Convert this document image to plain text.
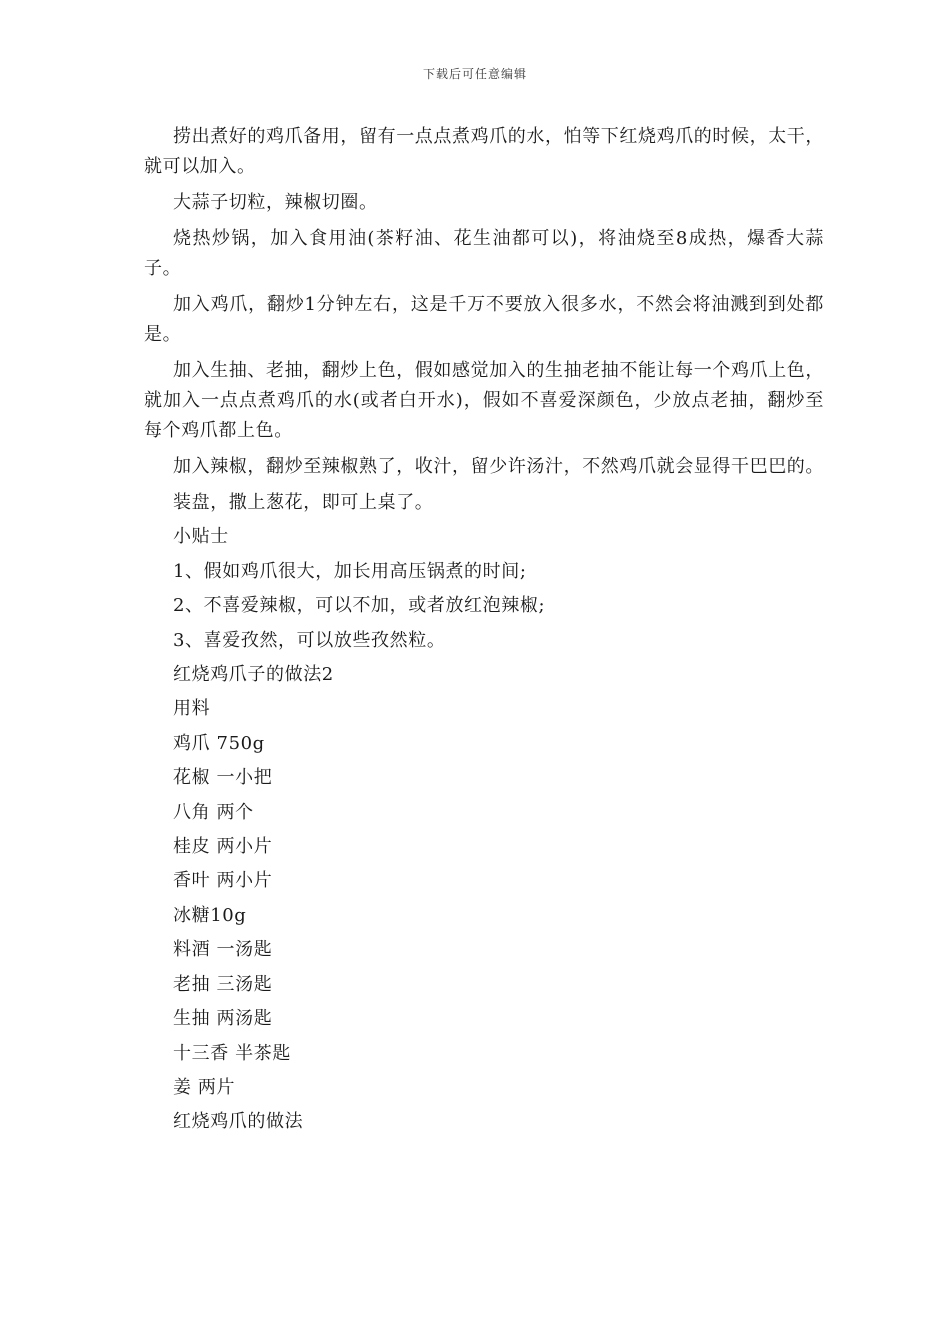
下载后可任意编辑

捞出煮好的鸡爪备用，留有一点点煮鸡爪的水，怕等下红烧鸡爪的时候，太干，就可以加入。

大蒜子切粒，辣椒切圈。

烧热炒锅，加入食用油(茶籽油、花生油都可以)，将油烧至8成热，爆香大蒜子。

加入鸡爪，翻炒1分钟左右，这是千万不要放入很多水，不然会将油溅到到处都是。

加入生抽、老抽，翻炒上色，假如感觉加入的生抽老抽不能让每一个鸡爪上色，就加入一点点煮鸡爪的水(或者白开水)，假如不喜爱深颜色，少放点老抽，翻炒至每个鸡爪都上色。

加入辣椒，翻炒至辣椒熟了，收汁，留少许汤汁，不然鸡爪就会显得干巴巴的。

装盘，撒上葱花，即可上桌了。

小贴士

1、假如鸡爪很大，加长用高压锅煮的时间;

2、不喜爱辣椒，可以不加，或者放红泡辣椒;

3、喜爱孜然，可以放些孜然粒。

红烧鸡爪子的做法2

用料

鸡爪 750g

花椒 一小把

八角 两个

桂皮 两小片

香叶 两小片

冰糖10g

料酒 一汤匙

老抽 三汤匙

生抽 两汤匙

十三香 半茶匙

姜 两片

红烧鸡爪的做法
